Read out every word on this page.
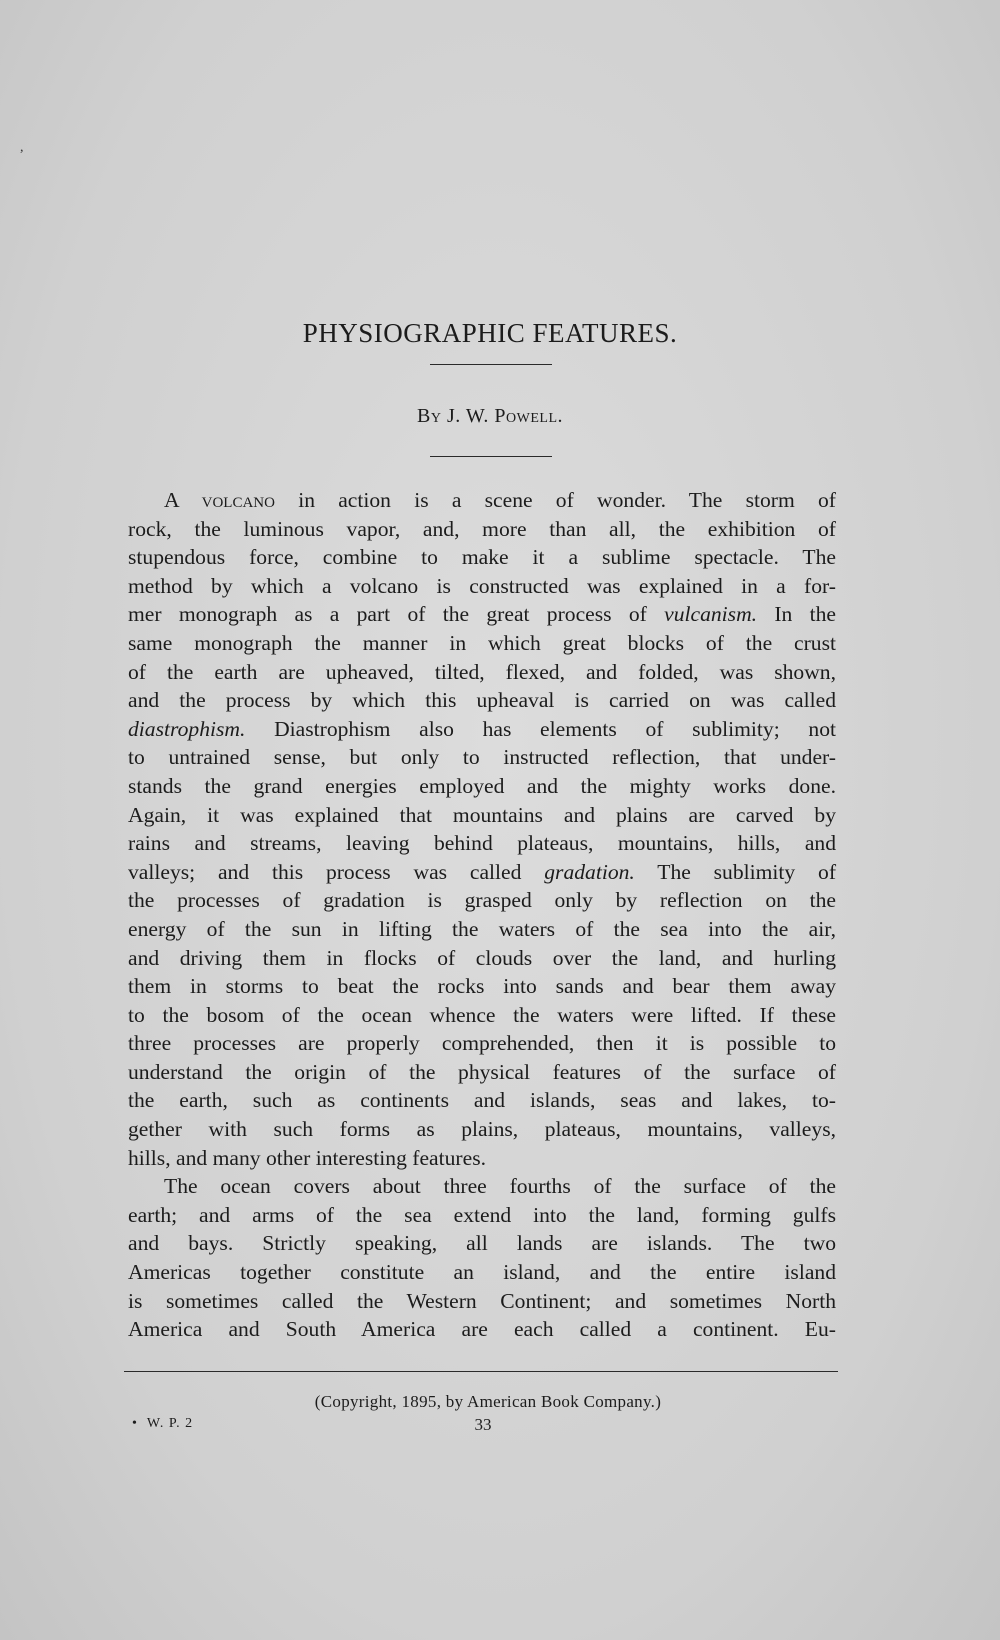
,
PHYSIOGRAPHIC FEATURES.
By J. W. Powell.
A volcano in action is a scene of wonder. The storm of
rock, the luminous vapor, and, more than all, the exhibition of
stupendous force, combine to make it a sublime spectacle. The
method by which a volcano is constructed was explained in a for-
mer monograph as a part of the great process of vulcanism. In the
same monograph the manner in which great blocks of the crust
of the earth are upheaved, tilted, flexed, and folded, was shown,
and the process by which this upheaval is carried on was called
diastrophism. Diastrophism also has elements of sublimity; not
to untrained sense, but only to instructed reflection, that under-
stands the grand energies employed and the mighty works done.
Again, it was explained that mountains and plains are carved by
rains and streams, leaving behind plateaus, mountains, hills, and
valleys; and this process was called gradation. The sublimity of
the processes of gradation is grasped only by reflection on the
energy of the sun in lifting the waters of the sea into the air,
and driving them in flocks of clouds over the land, and hurling
them in storms to beat the rocks into sands and bear them away
to the bosom of the ocean whence the waters were lifted. If these
three processes are properly comprehended, then it is possible to
understand the origin of the physical features of the surface of
the earth, such as continents and islands, seas and lakes, to-
gether with such forms as plains, plateaus, mountains, valleys,
hills, and many other interesting features.
The ocean covers about three fourths of the surface of the
earth; and arms of the sea extend into the land, forming gulfs
and bays. Strictly speaking, all lands are islands. The two
Americas together constitute an island, and the entire island
is sometimes called the Western Continent; and sometimes North
America and South America are each called a continent. Eu-
(Copyright, 1895, by American Book Company.)
•  W. P. 2	33
